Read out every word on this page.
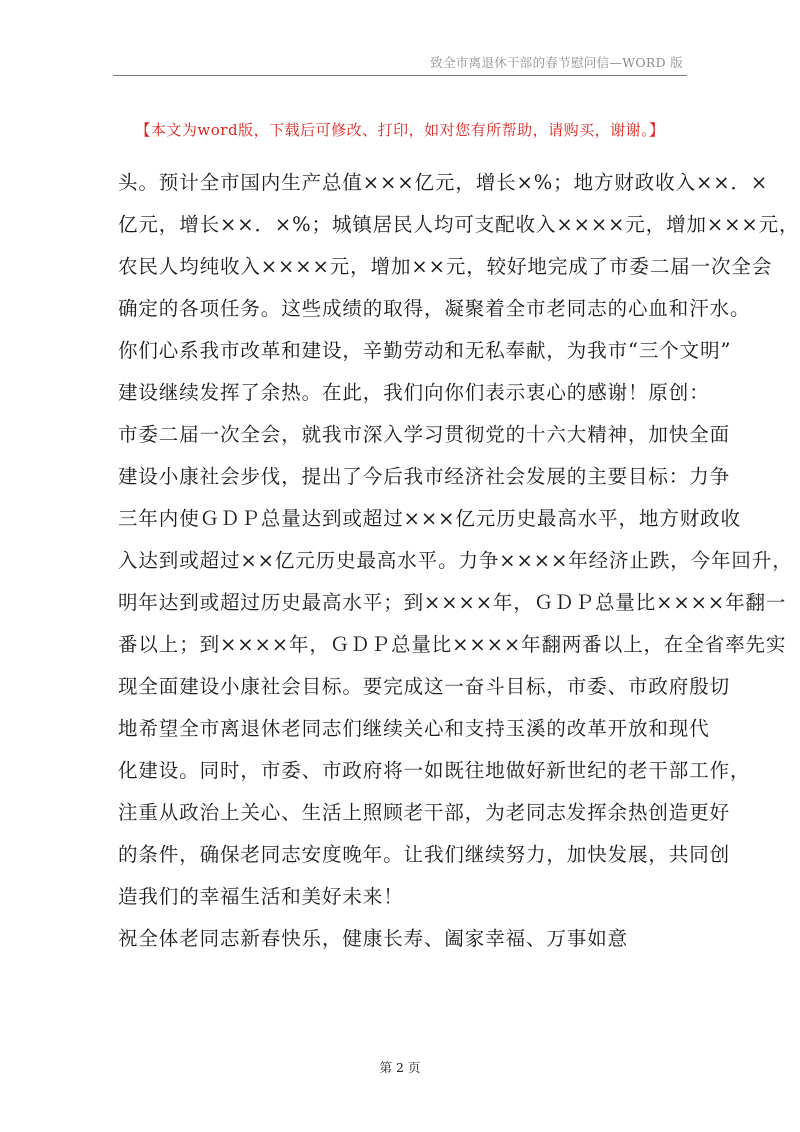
致全市离退休干部的春节慰问信—WORD 版
【本文为word版，下载后可修改、打印，如对您有所帮助，请购买，谢谢。】
头。预计全市国内生产总值×××亿元，增长×%；地方财政收入××．×
亿元，增长××．×%；城镇居民人均可支配收入××××元，增加×××元，
农民人均纯收入××××元，增加××元，较好地完成了市委二届一次全会
确定的各项任务。这些成绩的取得，凝聚着全市老同志的心血和汗水。
你们心系我市改革和建设，辛勤劳动和无私奉献，为我市“三个文明”
建设继续发挥了余热。在此，我们向你们表示衷心的感谢！原创：
市委二届一次全会，就我市深入学习贯彻党的十六大精神，加快全面
建设小康社会步伐，提出了今后我市经济社会发展的主要目标：力争
三年内使ＧＤＰ总量达到或超过×××亿元历史最高水平，地方财政收
入达到或超过××亿元历史最高水平。力争××××年经济止跌，今年回升，
明年达到或超过历史最高水平；到××××年，ＧＤＰ总量比××××年翻一
番以上；到××××年，ＧＤＰ总量比××××年翻两番以上，在全省率先实
现全面建设小康社会目标。要完成这一奋斗目标，市委、市政府殷切
地希望全市离退休老同志们继续关心和支持玉溪的改革开放和现代
化建设。同时，市委、市政府将一如既往地做好新世纪的老干部工作，
注重从政治上关心、生活上照顾老干部，为老同志发挥余热创造更好
的条件，确保老同志安度晚年。让我们继续努力，加快发展，共同创
造我们的幸福生活和美好未来！
祝全体老同志新春快乐，健康长寿、阖家幸福、万事如意
第 2 页
